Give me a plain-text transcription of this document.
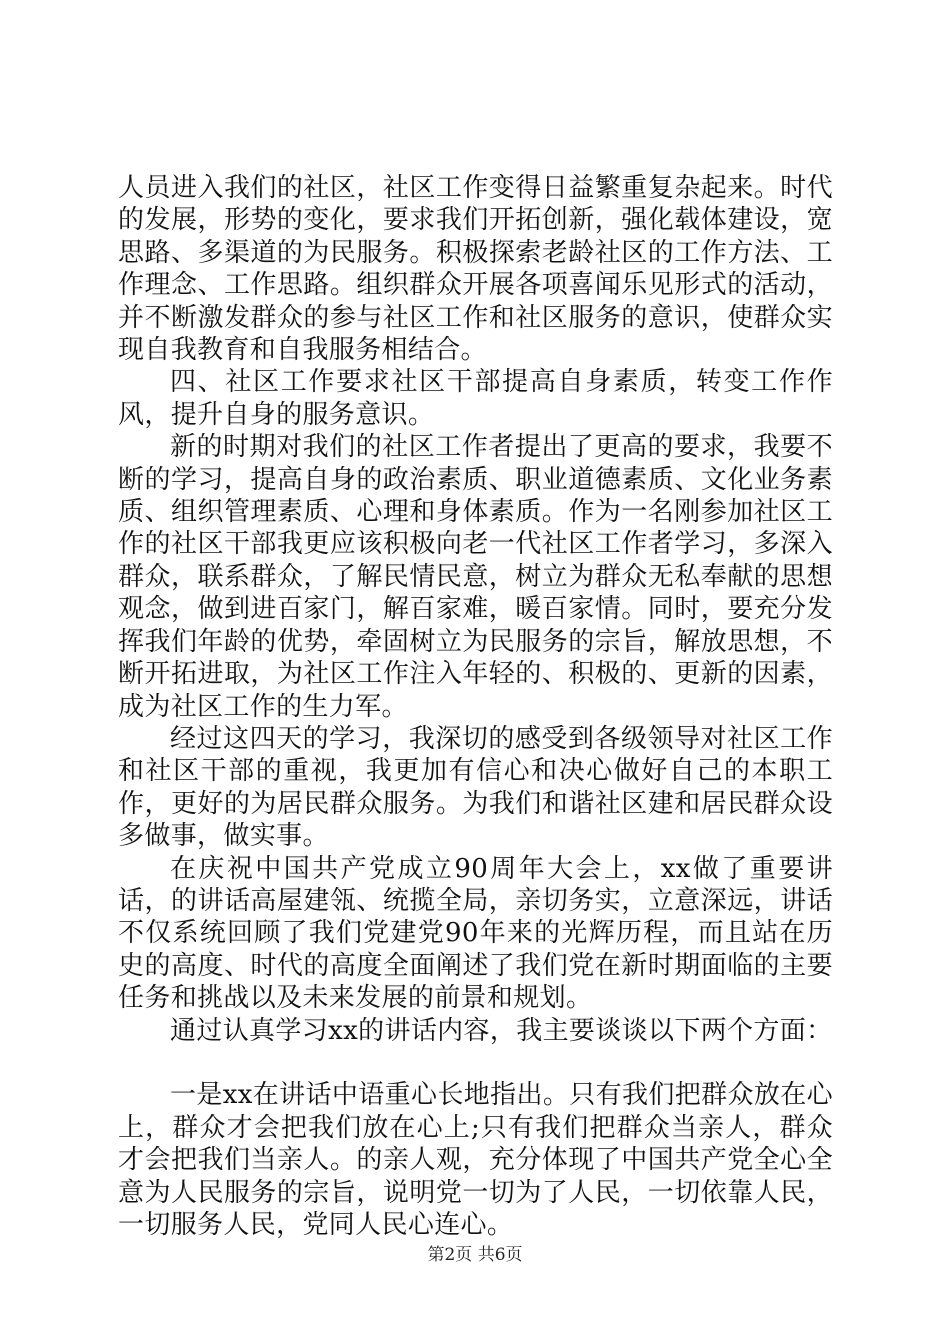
人员进入我们的社区，社区工作变得日益繁重复杂起来。时代的发展，形势的变化，要求我们开拓创新，强化载体建设，宽思路、多渠道的为民服务。积极探索老龄社区的工作方法、工作理念、工作思路。组织群众开展各项喜闻乐见形式的活动，并不断激发群众的参与社区工作和社区服务的意识，使群众实现自我教育和自我服务相结合。

四、社区工作要求社区干部提高自身素质，转变工作作风，提升自身的服务意识。

新的时期对我们的社区工作者提出了更高的要求，我要不断的学习，提高自身的政治素质、职业道德素质、文化业务素质、组织管理素质、心理和身体素质。作为一名刚参加社区工作的社区干部我更应该积极向老一代社区工作者学习，多深入群众，联系群众，了解民情民意，树立为群众无私奉献的思想观念，做到进百家门，解百家难，暖百家情。同时，要充分发挥我们年龄的优势，牵固树立为民服务的宗旨，解放思想，不断开拓进取，为社区工作注入年轻的、积极的、更新的因素，成为社区工作的生力军。

经过这四天的学习，我深切的感受到各级领导对社区工作和社区干部的重视，我更加有信心和决心做好自己的本职工作，更好的为居民群众服务。为我们和谐社区建和居民群众设多做事，做实事。

在庆祝中国共产党成立90周年大会上，xx做了重要讲话，的讲话高屋建瓴、统揽全局，亲切务实，立意深远，讲话不仅系统回顾了我们党建党90年来的光辉历程，而且站在历史的高度、时代的高度全面阐述了我们党在新时期面临的主要任务和挑战以及未来发展的前景和规划。

通过认真学习xx的讲话内容，我主要谈谈以下两个方面：

一是xx在讲话中语重心长地指出。只有我们把群众放在心上，群众才会把我们放在心上;只有我们把群众当亲人，群众才会把我们当亲人。的亲人观，充分体现了中国共产党全心全意为人民服务的宗旨，说明党一切为了人民，一切依靠人民，一切服务人民，党同人民心连心。

第2页 共6页
